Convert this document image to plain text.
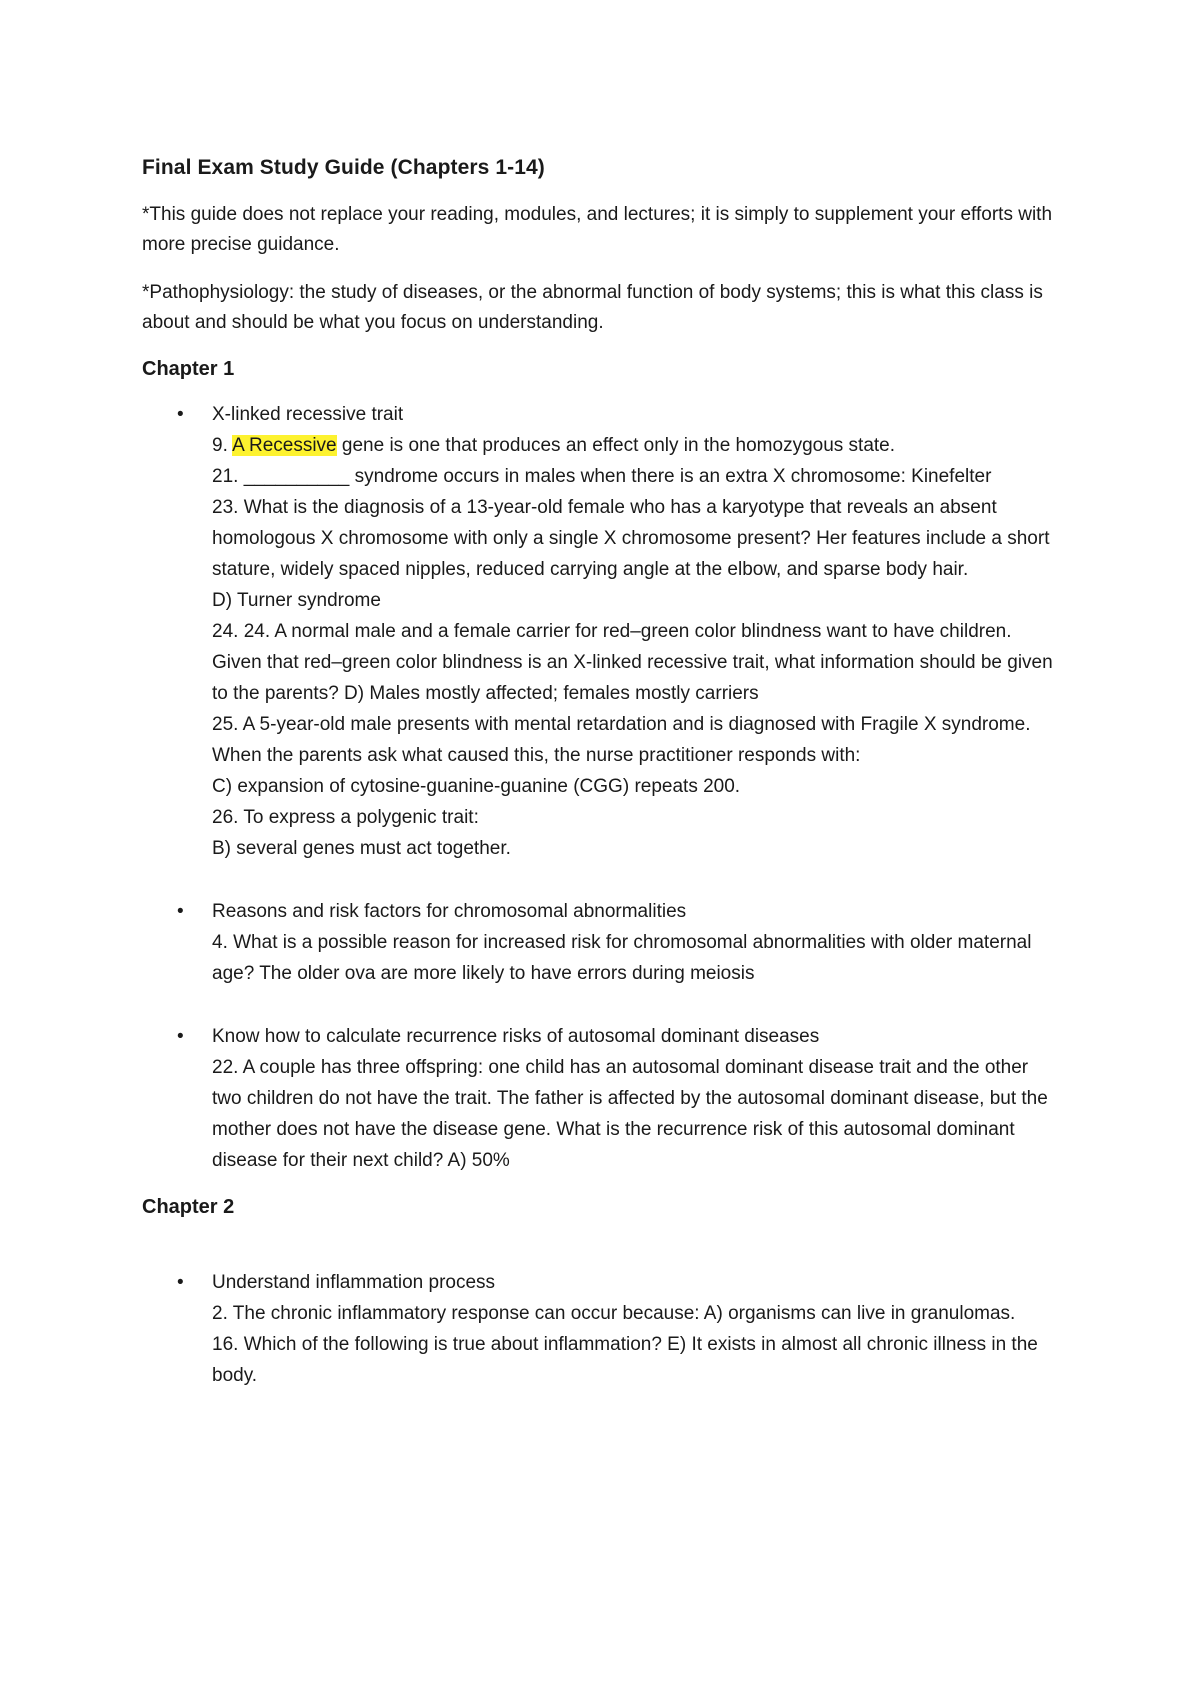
Final Exam Study Guide (Chapters 1-14)

*This guide does not replace your reading, modules, and lectures; it is simply to supplement your efforts with more precise guidance.

*Pathophysiology: the study of diseases, or the abnormal function of body systems; this is what this class is about and should be what you focus on understanding.

Chapter 1
• X-linked recessive trait
9. A Recessive gene is one that produces an effect only in the homozygous state.
21. __________ syndrome occurs in males when there is an extra X chromosome: Kinefelter
23. What is the diagnosis of a 13-year-old female who has a karyotype that reveals an absent homologous X chromosome with only a single X chromosome present? Her features include a short stature, widely spaced nipples, reduced carrying angle at the elbow, and sparse body hair.
D) Turner syndrome
24. 24. A normal male and a female carrier for red–green color blindness want to have children. Given that red–green color blindness is an X-linked recessive trait, what information should be given to the parents? D) Males mostly affected; females mostly carriers
25. A 5-year-old male presents with mental retardation and is diagnosed with Fragile X syndrome. When the parents ask what caused this, the nurse practitioner responds with:
C) expansion of cytosine-guanine-guanine (CGG) repeats 200.
26. To express a polygenic trait:
B) several genes must act together.
• Reasons and risk factors for chromosomal abnormalities
4. What is a possible reason for increased risk for chromosomal abnormalities with older maternal age? The older ova are more likely to have errors during meiosis
• Know how to calculate recurrence risks of autosomal dominant diseases
22. A couple has three offspring: one child has an autosomal dominant disease trait and the other two children do not have the trait. The father is affected by the autosomal dominant disease, but the mother does not have the disease gene. What is the recurrence risk of this autosomal dominant disease for their next child? A) 50%
Chapter 2
• Understand inflammation process
2. The chronic inflammatory response can occur because: A) organisms can live in granulomas.
16. Which of the following is true about inflammation? E) It exists in almost all chronic illness in the body.
